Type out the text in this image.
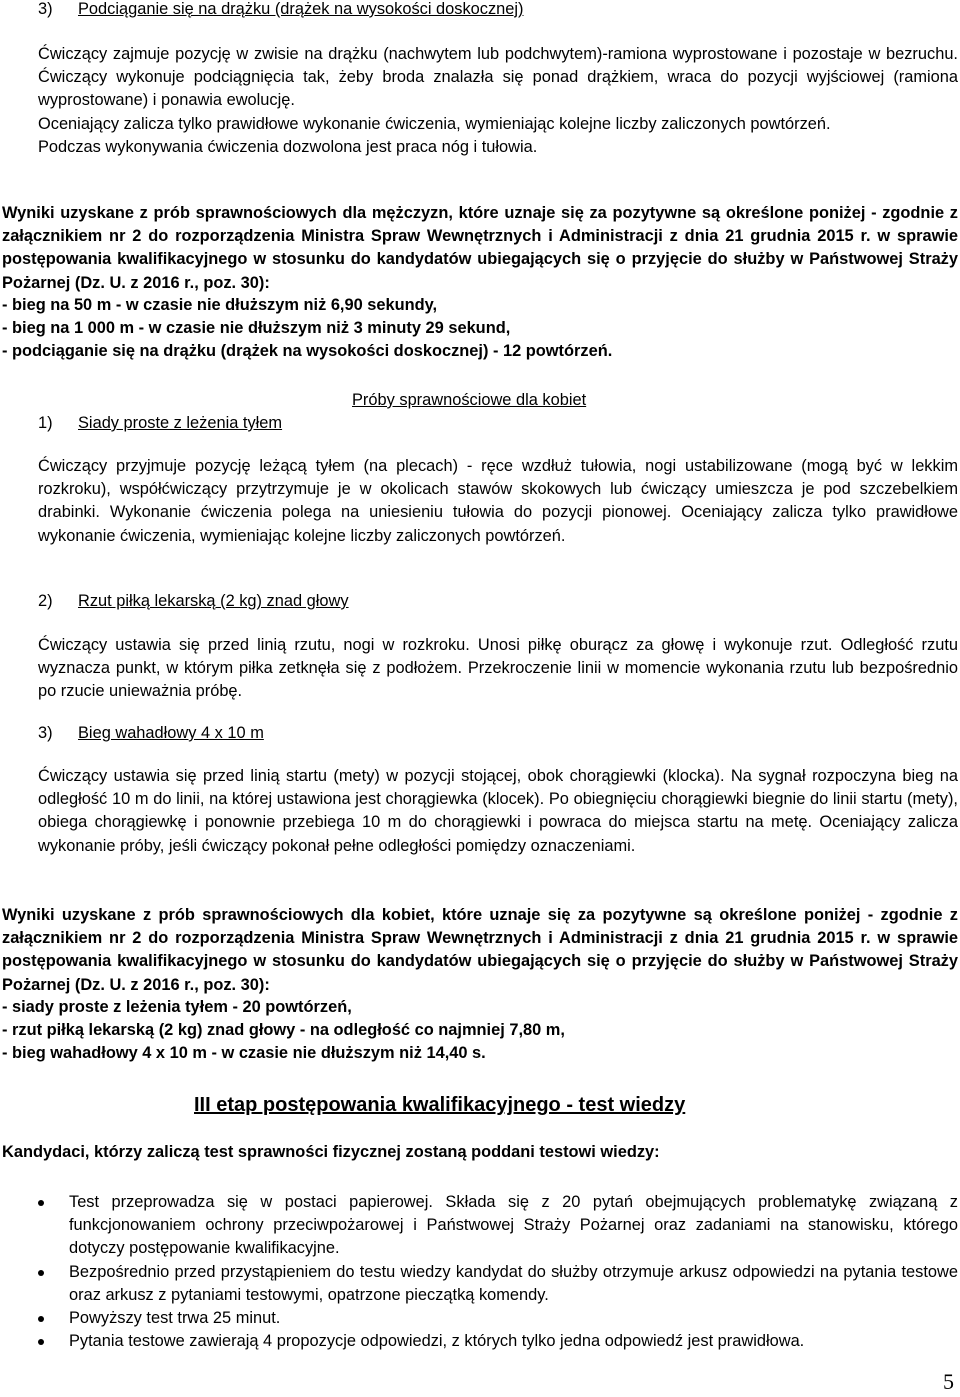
3) Podciąganie się na drążku (drążek na wysokości doskocznej)
Ćwiczący zajmuje pozycję w zwisie na drążku (nachwytem lub podchwytem)-ramiona wyprostowane i pozostaje w bezruchu. Ćwiczący wykonuje podciągnięcia tak, żeby broda znalazła się ponad drążkiem, wraca do pozycji wyjściowej (ramiona wyprostowane) i ponawia ewolucję.
Oceniający zalicza tylko prawidłowe wykonanie ćwiczenia, wymieniając kolejne liczby zaliczonych powtórzeń.
Podczas wykonywania ćwiczenia dozwolona jest praca nóg i tułowia.
Wyniki uzyskane z prób sprawnościowych dla mężczyzn, które uznaje się za pozytywne są określone poniżej - zgodnie z załącznikiem nr 2 do rozporządzenia Ministra Spraw Wewnętrznych i Administracji z dnia 21 grudnia 2015 r. w sprawie postępowania kwalifikacyjnego w stosunku do kandydatów ubiegających się o przyjęcie do służby w Państwowej Straży Pożarnej (Dz. U. z 2016 r., poz. 30):
- bieg na 50 m - w czasie nie dłuższym niż 6,90 sekundy,
- bieg na 1 000 m - w czasie nie dłuższym niż 3 minuty 29 sekund,
- podciąganie się na drążku (drążek na wysokości doskocznej) - 12 powtórzeń.
Próby sprawnościowe dla kobiet
1) Siady proste z leżenia tyłem
Ćwiczący przyjmuje pozycję leżącą tyłem (na plecach) - ręce wzdłuż tułowia, nogi ustabilizowane (mogą być w lekkim rozkroku), współćwiczący przytrzymuje je w okolicach stawów skokowych lub ćwiczący umieszcza je pod szczebelkiem drabinki. Wykonanie ćwiczenia polega na uniesieniu tułowia do pozycji pionowej. Oceniający zalicza tylko prawidłowe wykonanie ćwiczenia, wymieniając kolejne liczby zaliczonych powtórzeń.
2) Rzut piłką lekarską (2 kg) znad głowy
Ćwiczący ustawia się przed linią rzutu, nogi w rozkroku. Unosi piłkę oburącz za głowę i wykonuje rzut. Odległość rzutu wyznacza punkt, w którym piłka zetknęła się z podłożem. Przekroczenie linii w momencie wykonania rzutu lub bezpośrednio po rzucie unieważnia próbę.
3) Bieg wahadłowy 4 x 10 m
Ćwiczący ustawia się przed linią startu (mety) w pozycji stojącej, obok chorągiewki (klocka). Na sygnał rozpoczyna bieg na odległość 10 m do linii, na której ustawiona jest chorągiewka (klocek). Po obiegnięciu chorągiewki biegnie do linii startu (mety), obiega chorągiewkę i ponownie przebiega 10 m do chorągiewki i powraca do miejsca startu na metę. Oceniający zalicza wykonanie próby, jeśli ćwiczący pokonał pełne odległości pomiędzy oznaczeniami.
Wyniki uzyskane z prób sprawnościowych dla kobiet, które uznaje się za pozytywne są określone poniżej - zgodnie z załącznikiem nr 2 do rozporządzenia Ministra Spraw Wewnętrznych i Administracji z dnia 21 grudnia 2015 r. w sprawie postępowania kwalifikacyjnego w stosunku do kandydatów ubiegających się o przyjęcie do służby w Państwowej Straży Pożarnej (Dz. U. z 2016 r., poz. 30):
- siady proste z leżenia tyłem - 20 powtórzeń,
- rzut piłką lekarską (2 kg) znad głowy - na odległość co najmniej 7,80 m,
- bieg wahadłowy 4 x 10 m - w czasie nie dłuższym niż 14,40 s.
III etap postępowania kwalifikacyjnego - test wiedzy
Kandydaci, którzy zaliczą test sprawności fizycznej zostaną poddani testowi wiedzy:
Test przeprowadza się w postaci papierowej. Składa się z 20 pytań obejmujących problematykę związaną z funkcjonowaniem ochrony przeciwpożarowej i Państwowej Straży Pożarnej oraz zadaniami na stanowisku, którego dotyczy postępowanie kwalifikacyjne.
Bezpośrednio przed przystąpieniem do testu wiedzy kandydat do służby otrzymuje arkusz odpowiedzi na pytania testowe oraz arkusz z pytaniami testowymi, opatrzone pieczątką komendy.
Powyższy test trwa 25 minut.
Pytania testowe zawierają 4 propozycje odpowiedzi, z których tylko jedna odpowiedź jest prawidłowa.
5
